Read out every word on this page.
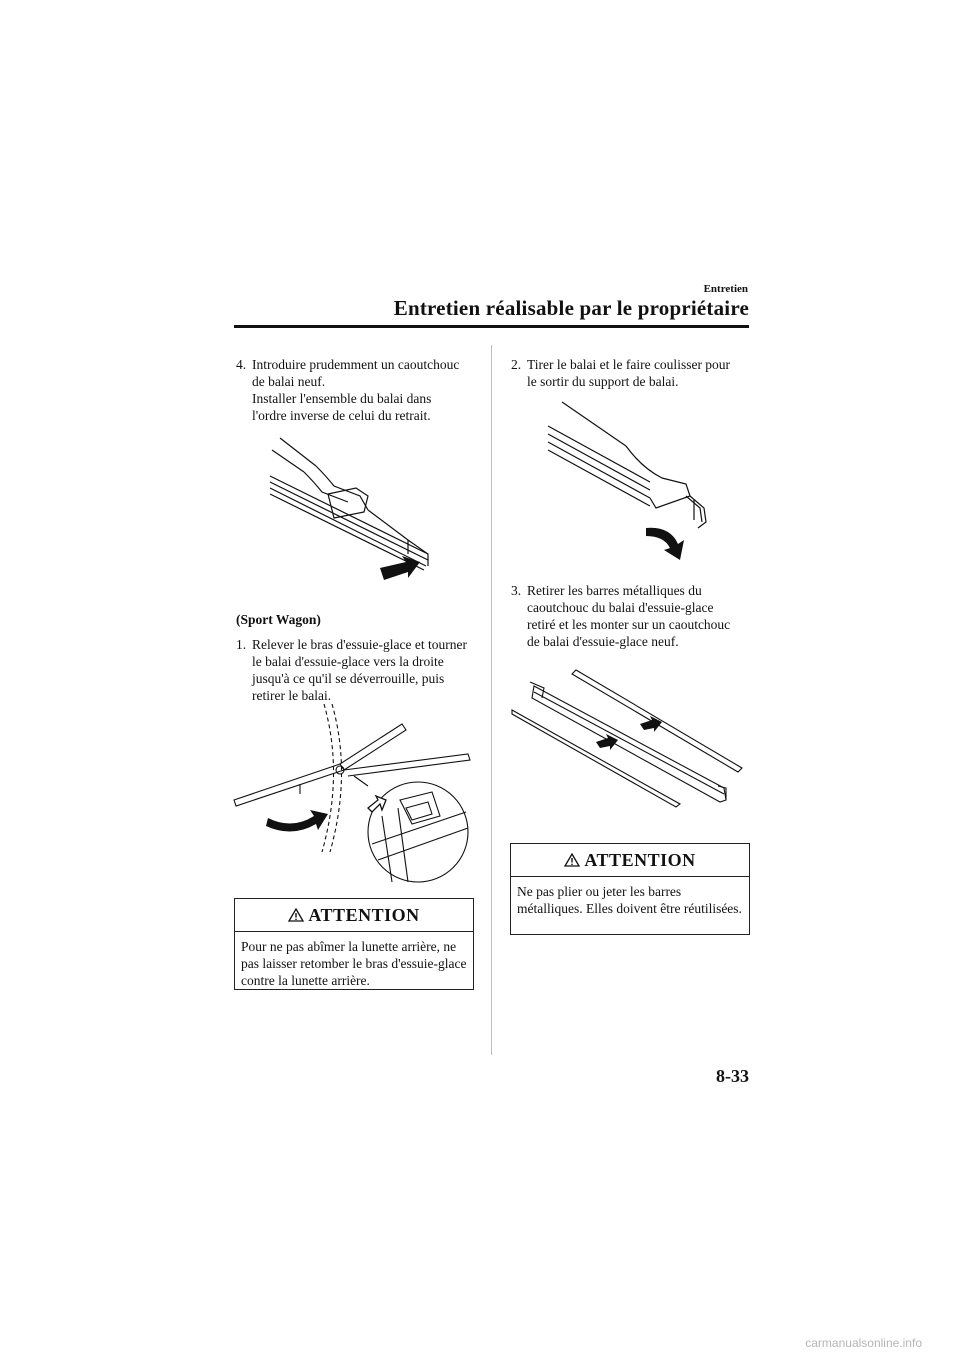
Entretien
Entretien réalisable par le propriétaire
4. Introduire prudemment un caoutchouc
de balai neuf.
Installer l'ensemble du balai dans
l'ordre inverse de celui du retrait.
(Sport Wagon)
1. Relever le bras d'essuie-glace et tourner
le balai d'essuie-glace vers la droite
jusqu'à ce qu'il se déverrouille, puis
retirer le balai.
ATTENTION
Pour ne pas abîmer la lunette arrière, ne pas laisser retomber le bras d'essuie-glace contre la lunette arrière.
2. Tirer le balai et le faire coulisser pour
le sortir du support de balai.
3. Retirer les barres métalliques du
caoutchouc du balai d'essuie-glace
retiré et les monter sur un caoutchouc
de balai d'essuie-glace neuf.
ATTENTION
Ne pas plier ou jeter les barres métalliques. Elles doivent être réutilisées.
8-33
carmanualsonline.info
